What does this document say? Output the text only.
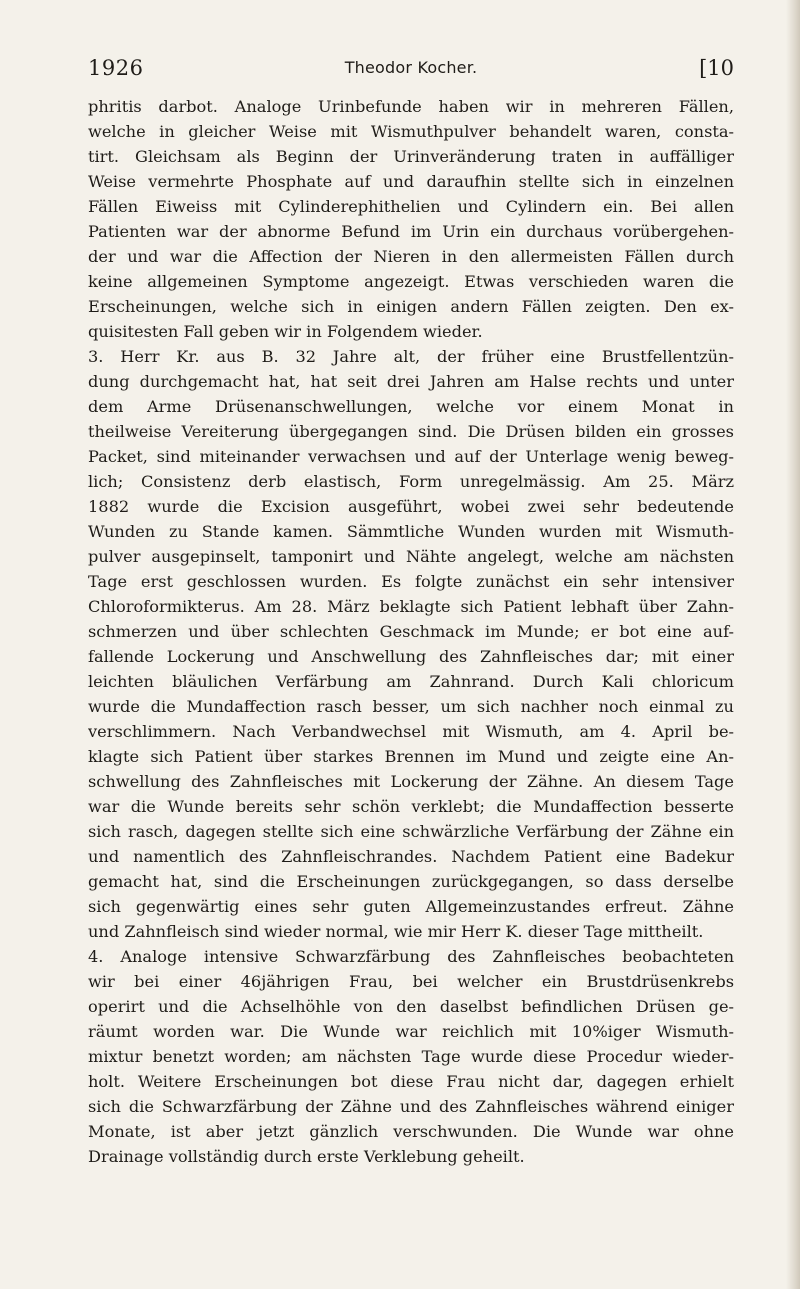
1926	Theodor Kocher.	[10
phritis darbot. Analoge Urinbefunde haben wir in mehreren Fällen,
welche in gleicher Weise mit Wismuthpulver behandelt waren, consta-
tirt. Gleichsam als Beginn der Urinveränderung traten in auffälliger
Weise vermehrte Phosphate auf und daraufhin stellte sich in einzelnen
Fällen Eiweiss mit Cylinderephithelien und Cylindern ein. Bei allen
Patienten war der abnorme Befund im Urin ein durchaus vorübergehen-
der und war die Affection der Nieren in den allermeisten Fällen durch
keine allgemeinen Symptome angezeigt. Etwas verschieden waren die
Erscheinungen, welche sich in einigen andern Fällen zeigten. Den ex-
quisitesten Fall geben wir in Folgendem wieder.
3. Herr Kr. aus B. 32 Jahre alt, der früher eine Brustfellentzün-
dung durchgemacht hat, hat seit drei Jahren am Halse rechts und unter
dem Arme Drüsenanschwellungen, welche vor einem Monat in
theilweise Vereiterung übergegangen sind. Die Drüsen bilden ein grosses
Packet, sind miteinander verwachsen und auf der Unterlage wenig beweg-
lich; Consistenz derb elastisch, Form unregelmässig. Am 25. März
1882 wurde die Excision ausgeführt, wobei zwei sehr bedeutende
Wunden zu Stande kamen. Sämmtliche Wunden wurden mit Wismuth-
pulver ausgepinselt, tamponirt und Nähte angelegt, welche am nächsten
Tage erst geschlossen wurden. Es folgte zunächst ein sehr intensiver
Chloroformikterus. Am 28. März beklagte sich Patient lebhaft über Zahn-
schmerzen und über schlechten Geschmack im Munde; er bot eine auf-
fallende Lockerung und Anschwellung des Zahnfleisches dar; mit einer
leichten bläulichen Verfärbung am Zahnrand. Durch Kali chloricum
wurde die Mundaffection rasch besser, um sich nachher noch einmal zu
verschlimmern. Nach Verbandwechsel mit Wismuth, am 4. April be-
klagte sich Patient über starkes Brennen im Mund und zeigte eine An-
schwellung des Zahnfleisches mit Lockerung der Zähne. An diesem Tage
war die Wunde bereits sehr schön verklebt; die Mundaffection besserte
sich rasch, dagegen stellte sich eine schwärzliche Verfärbung der Zähne ein
und namentlich des Zahnfleischrandes. Nachdem Patient eine Badekur
gemacht hat, sind die Erscheinungen zurückgegangen, so dass derselbe
sich gegenwärtig eines sehr guten Allgemeinzustandes erfreut. Zähne
und Zahnfleisch sind wieder normal, wie mir Herr K. dieser Tage mittheilt.
4. Analoge intensive Schwarzfärbung des Zahnfleisches beobachteten
wir bei einer 46jährigen Frau, bei welcher ein Brustdrüsenkrebs
operirt und die Achselhöhle von den daselbst befindlichen Drüsen ge-
räumt worden war. Die Wunde war reichlich mit 10%iger Wismuth-
mixtur benetzt worden; am nächsten Tage wurde diese Procedur wieder-
holt. Weitere Erscheinungen bot diese Frau nicht dar, dagegen erhielt
sich die Schwarzfärbung der Zähne und des Zahnfleisches während einiger
Monate, ist aber jetzt gänzlich verschwunden. Die Wunde war ohne
Drainage vollständig durch erste Verklebung geheilt.
